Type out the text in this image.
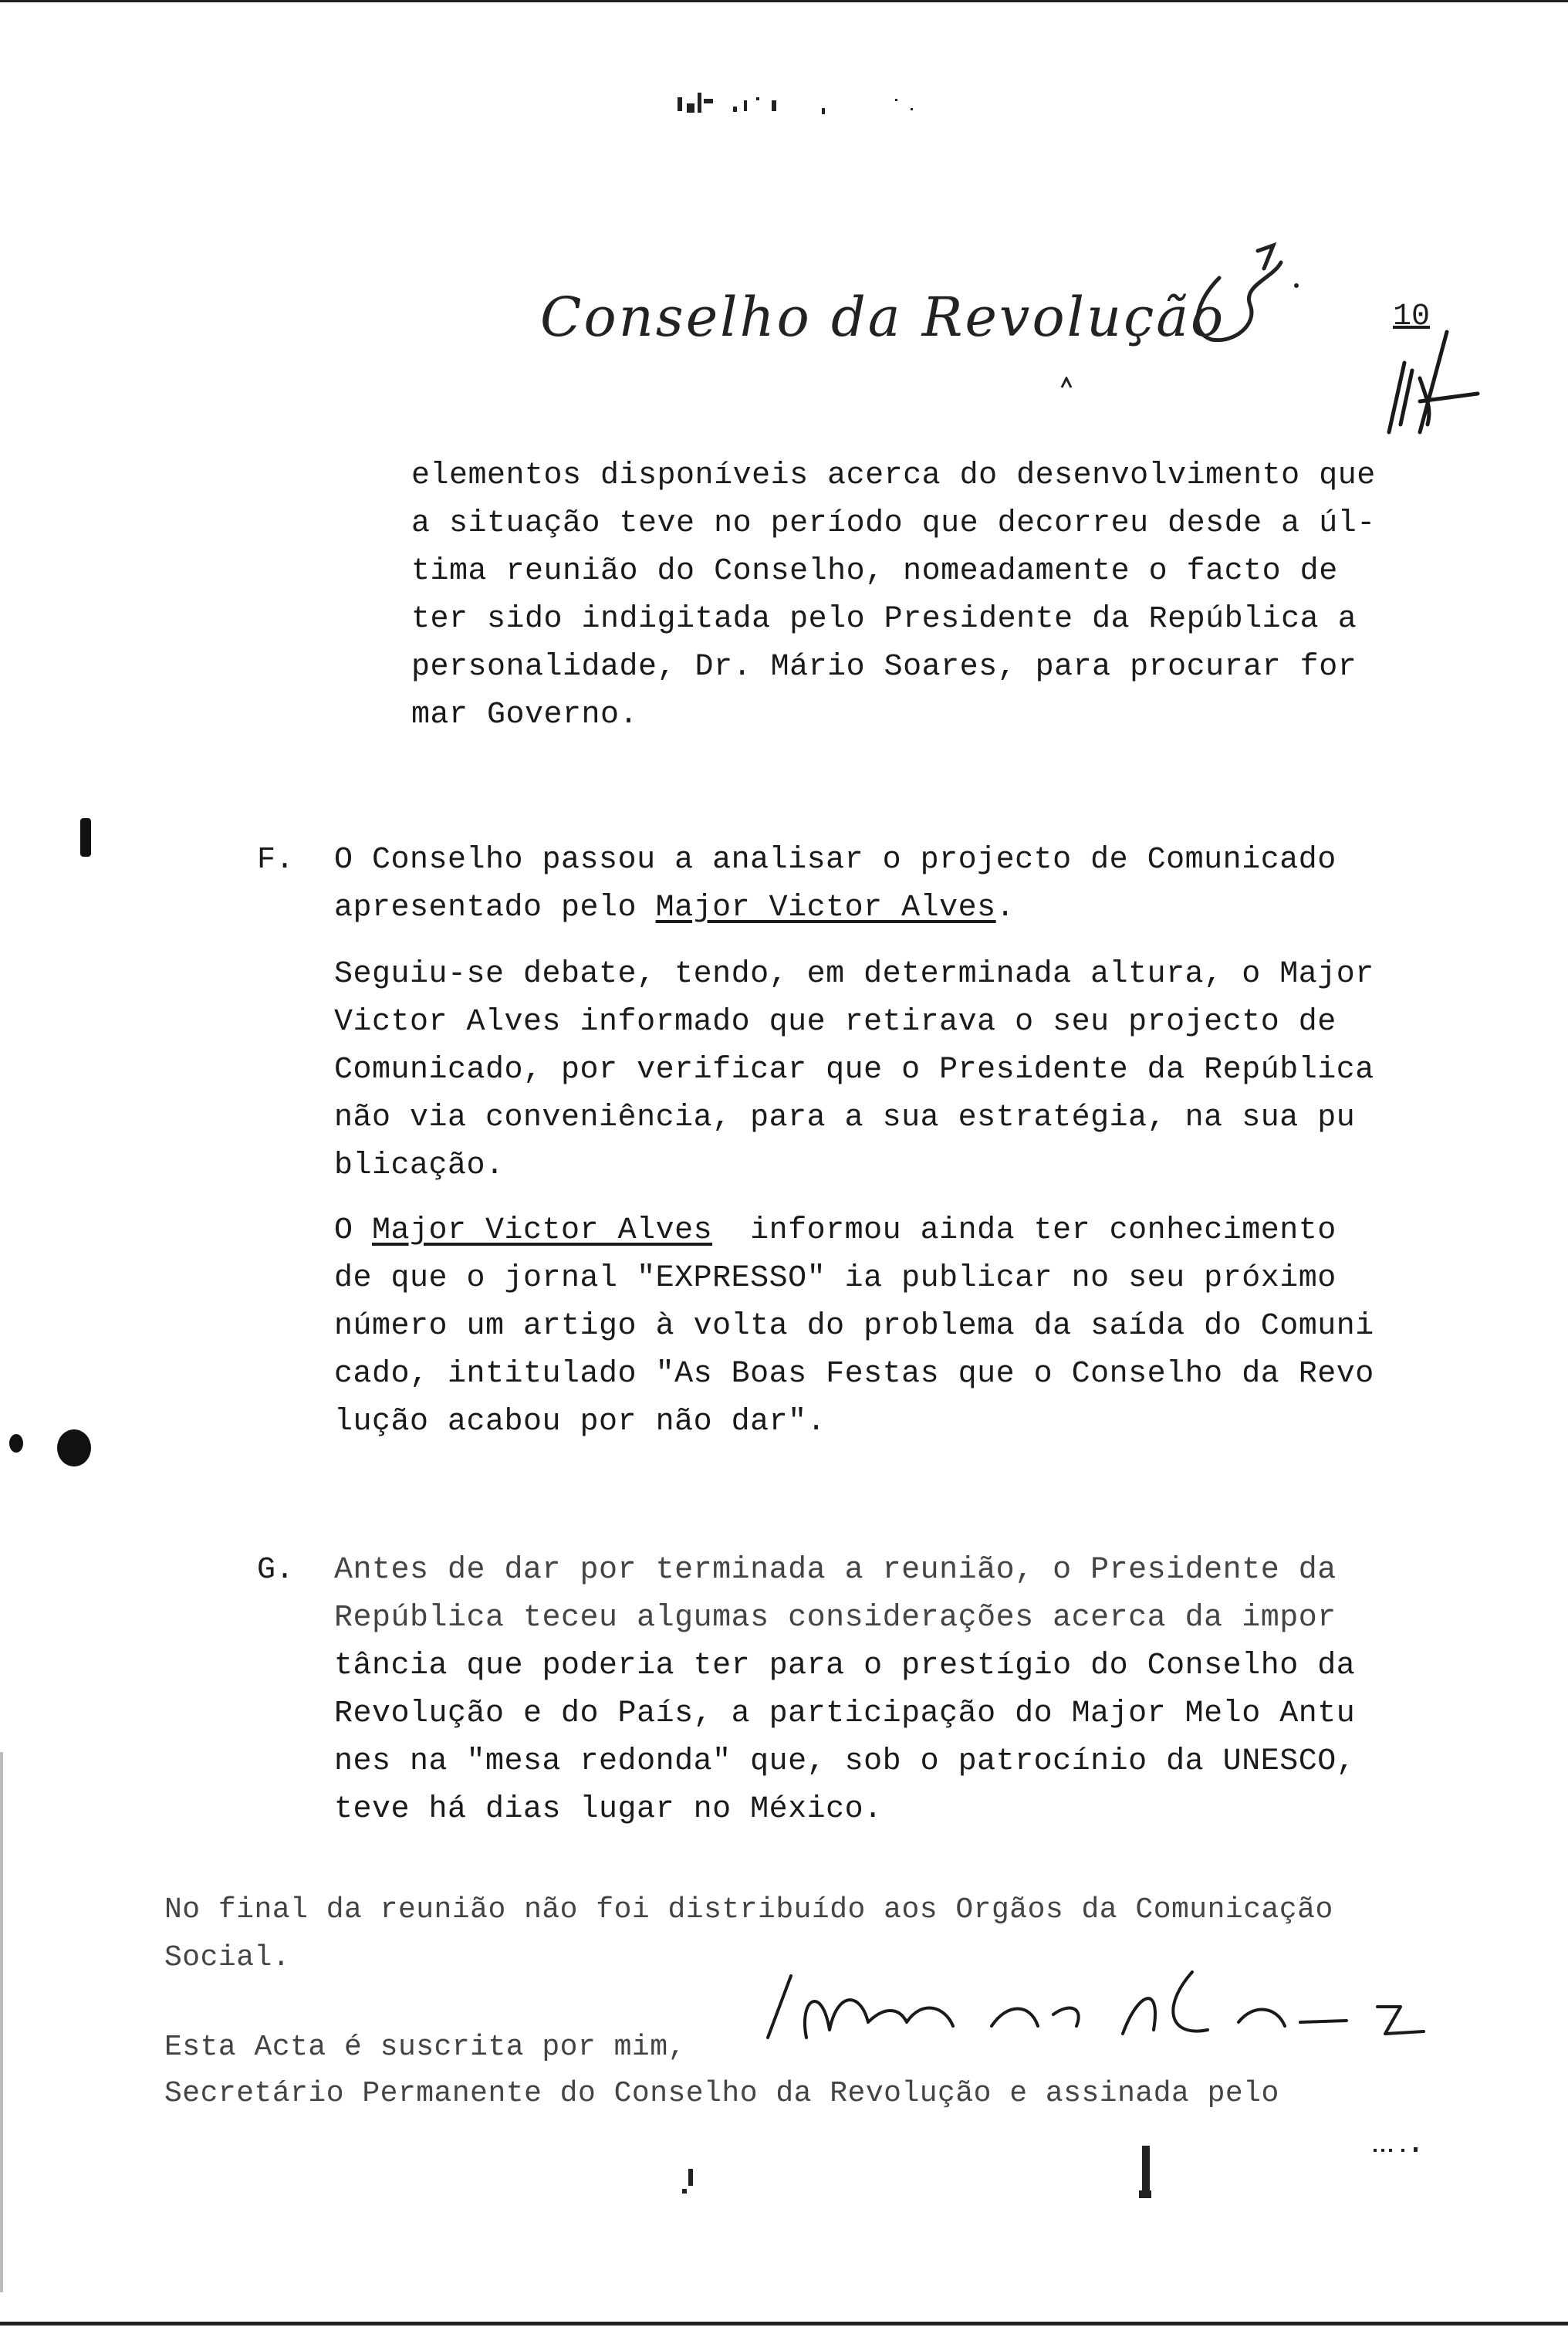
Conselho da Revolução	10
elementos disponíveis acerca do desenvolvimento que
a situação teve no período que decorreu desde a úl-
tima reunião do Conselho, nomeadamente o facto de
ter sido indigitada pelo Presidente da República a
personalidade, Dr. Mário Soares, para procurar for
mar Governo.
F. O Conselho passou a analisar o projecto de Comunicado
apresentado pelo Major Victor Alves.
Seguiu-se debate, tendo, em determinada altura, o Major
Victor Alves informado que retirava o seu projecto de
Comunicado, por verificar que o Presidente da República
não via conveniência, para a sua estratégia, na sua pu
blicação.
O Major Victor Alves  informou ainda ter conhecimento
de que o jornal "EXPRESSO" ia publicar no seu próximo
número um artigo à volta do problema da saída do Comuni
cado, intitulado "As Boas Festas que o Conselho da Revo
lução acabou por não dar".
G. Antes de dar por terminada a reunião, o Presidente da
República teceu algumas considerações acerca da impor
tância que poderia ter para o prestígio do Conselho da
Revolução e do País, a participação do Major Melo Antu
nes na "mesa redonda" que, sob o patrocínio da UNESCO,
teve há dias lugar no México.
No final da reunião não foi distribuído aos Orgãos da Comunicação
Social.
Esta Acta é suscrita por mim,
Secretário Permanente do Conselho da Revolução e assinada pelo
